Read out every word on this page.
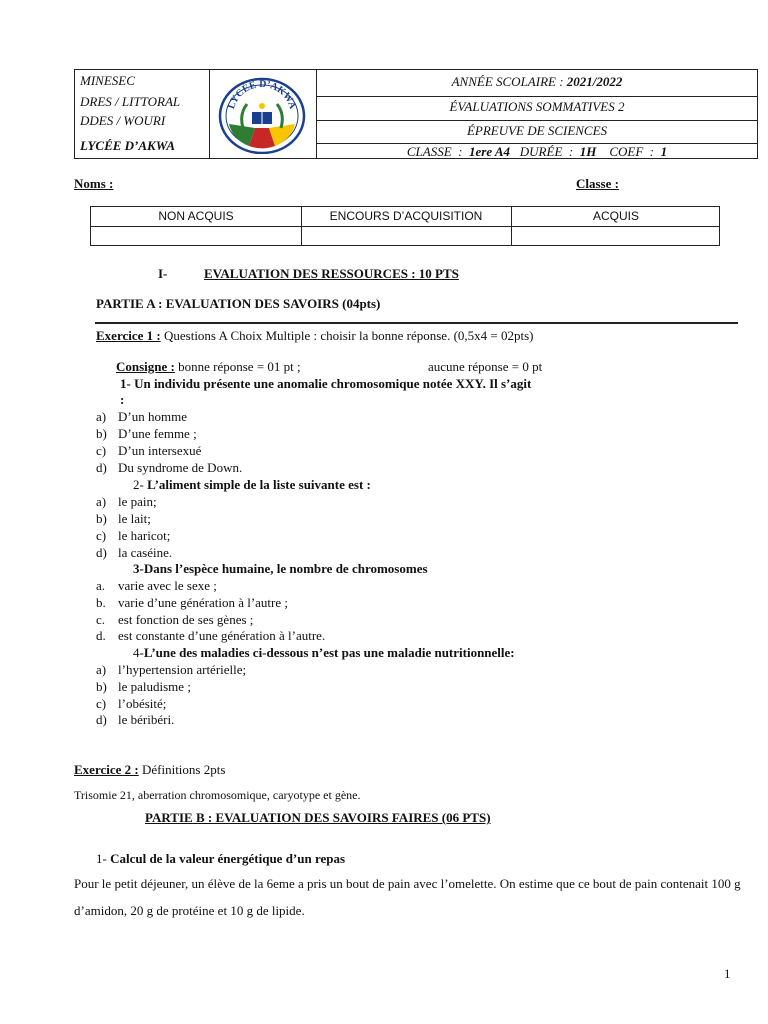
MINESEC
DRES / LITTORAL
DDES / WOURI
LYCÉE D’AKWA
LYCÉE D’AKWA
ANNÉE SCOLAIRE : 2021/2022
ÉVALUATIONS SOMMATIVES 2
ÉPREUVE DE SCIENCES
CLASSE  :  1ere A4   DURÉE  :  1H    COEF  :  1
Noms :	Classe :
NON ACQUIS	ENCOURS D’ACQUISITION	ACQUIS
I-	EVALUATION DES RESSOURCES : 10 PTS
PARTIE A : EVALUATION DES SAVOIRS (04pts)
Exercice 1 : Questions A Choix Multiple : choisir la bonne réponse. (0,5x4 = 02pts)
Consigne : bonne réponse = 01 pt ;	aucune réponse = 0 pt
1- Un individu présente une anomalie chromosomique notée XXY. Il s’agit
:
a) D’un homme
b) D’une femme ;
c) D’un intersexué
d) Du syndrome de Down.
2- L’aliment simple de la liste suivante est :
a) le pain;
b) le lait;
c) le haricot;
d) la caséine.
3-Dans l’espèce humaine, le nombre de chromosomes
a. varie avec le sexe ;
b. varie d’une génération à l’autre ;
c. est fonction de ses gènes ;
d. est constante d’une génération à l’autre.
4-L’une des maladies ci-dessous n’est pas une maladie nutritionnelle:
a) l’hypertension artérielle;
b) le paludisme ;
c) l’obésité;
d) le béribéri.
Exercice 2 : Définitions 2pts
Trisomie 21, aberration chromosomique, caryotype et gène.
PARTIE B : EVALUATION DES SAVOIRS FAIRES (06 PTS)
1- Calcul de la valeur énergétique d’un repas
Pour le petit déjeuner, un élève de la 6eme a pris un bout de pain avec l’omelette. On estime que ce bout de pain contenait 100 g d’amidon, 20 g de protéine et 10 g de lipide.
1
